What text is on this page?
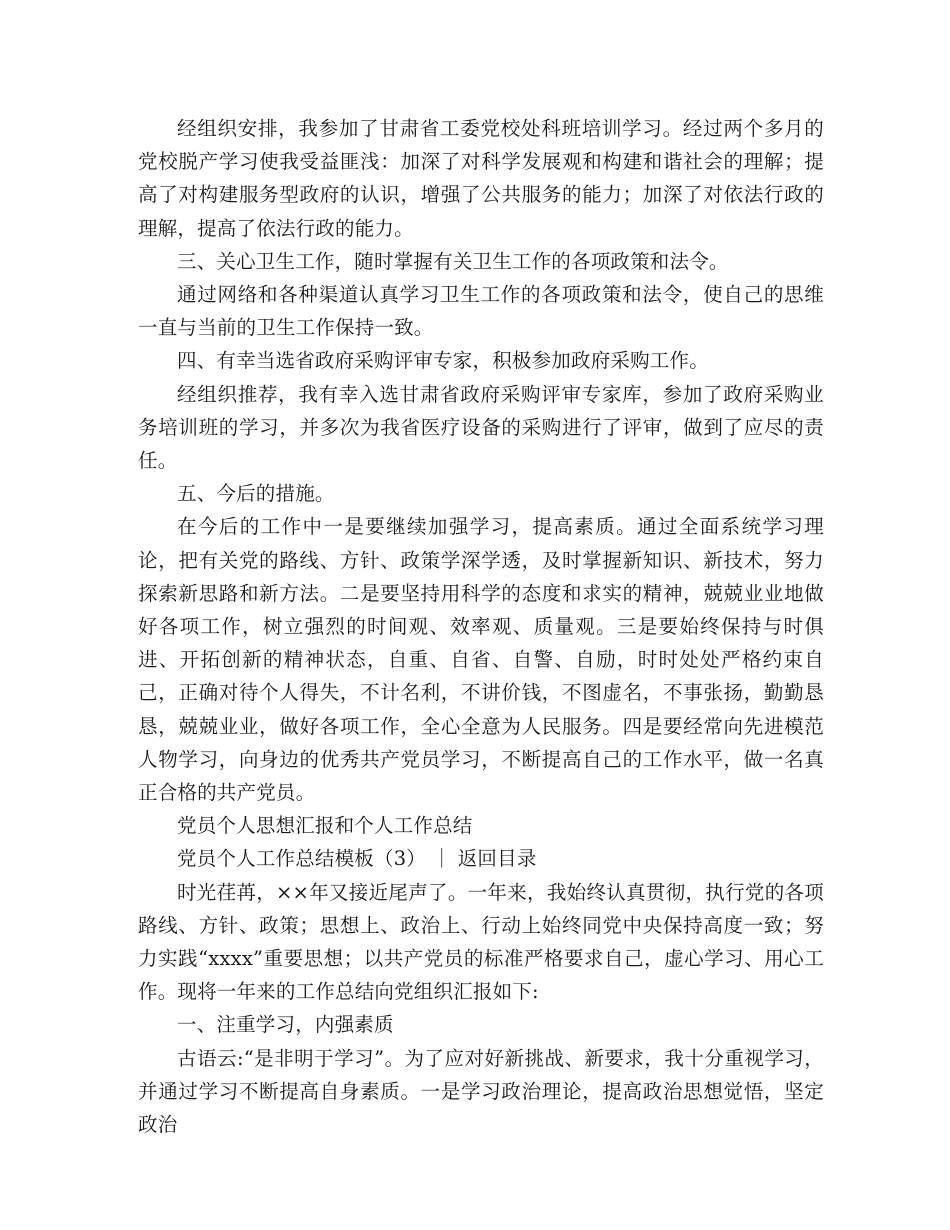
经组织安排，我参加了甘肃省工委党校处科班培训学习。经过两个多月的党校脱产学习使我受益匪浅：加深了对科学发展观和构建和谐社会的理解；提高了对构建服务型政府的认识，增强了公共服务的能力；加深了对依法行政的理解，提高了依法行政的能力。

三、关心卫生工作，随时掌握有关卫生工作的各项政策和法令。

通过网络和各种渠道认真学习卫生工作的各项政策和法令，使自己的思维一直与当前的卫生工作保持一致。

四、有幸当选省政府采购评审专家，积极参加政府采购工作。

经组织推荐，我有幸入选甘肃省政府采购评审专家库，参加了政府采购业务培训班的学习，并多次为我省医疗设备的采购进行了评审，做到了应尽的责任。

五、今后的措施。

在今后的工作中一是要继续加强学习，提高素质。通过全面系统学习理论，把有关党的路线、方针、政策学深学透，及时掌握新知识、新技术，努力探索新思路和新方法。二是要坚持用科学的态度和求实的精神，兢兢业业地做好各项工作，树立强烈的时间观、效率观、质量观。三是要始终保持与时俱进、开拓创新的精神状态，自重、自省、自警、自励，时时处处严格约束自己，正确对待个人得失，不计名利，不讲价钱，不图虚名，不事张扬，勤勤恳恳，兢兢业业，做好各项工作，全心全意为人民服务。四是要经常向先进模范人物学习，向身边的优秀共产党员学习，不断提高自己的工作水平，做一名真正合格的共产党员。

党员个人思想汇报和个人工作总结

党员个人工作总结模板（3） ｜ 返回目录

时光荏苒，××年又接近尾声了。一年来，我始终认真贯彻，执行党的各项路线、方针、政策；思想上、政治上、行动上始终同党中央保持高度一致；努力实践“xxxx”重要思想；以共产党员的标准严格要求自己，虚心学习、用心工作。现将一年来的工作总结向党组织汇报如下:

一、注重学习，内强素质

古语云:“是非明于学习”。为了应对好新挑战、新要求，我十分重视学习，并通过学习不断提高自身素质。一是学习政治理论，提高政治思想觉悟，坚定政治
